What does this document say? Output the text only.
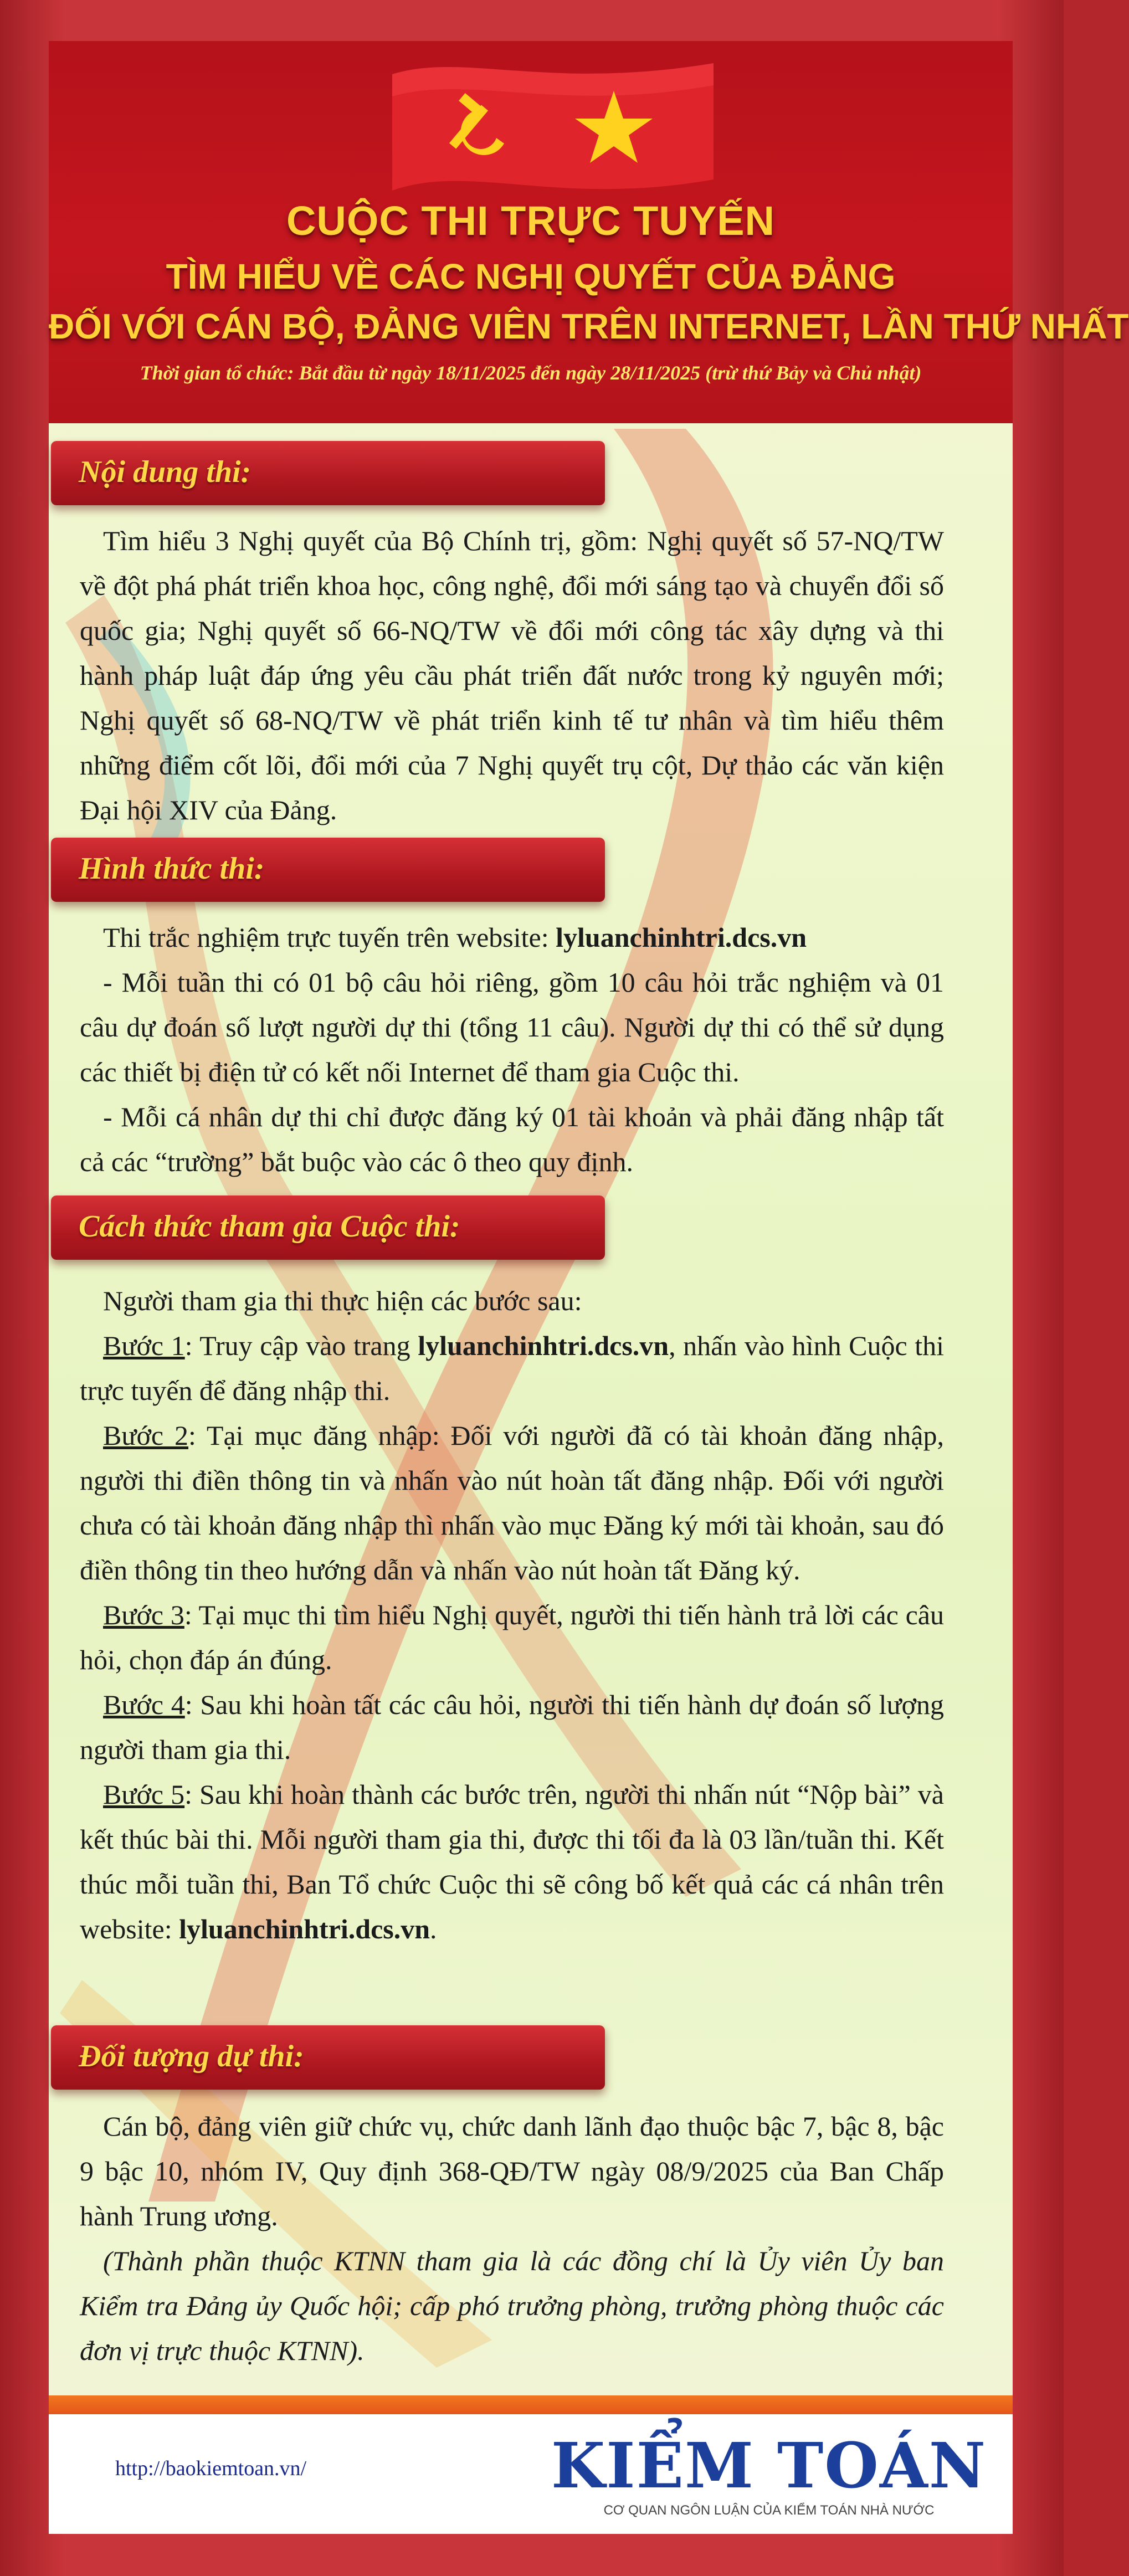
CUỘC THI TRỰC TUYẾN
TÌM HIỂU VỀ CÁC NGHỊ QUYẾT CỦA ĐẢNG
ĐỐI VỚI CÁN BỘ, ĐẢNG VIÊN TRÊN INTERNET, LẦN THỨ NHẤT

Thời gian tổ chức: Bắt đầu từ ngày 18/11/2025 đến ngày 28/11/2025 (trừ thứ Bảy và Chủ nhật)

Nội dung thi:

Tìm hiểu 3 Nghị quyết của Bộ Chính trị, gồm: Nghị quyết số 57-NQ/TW về đột phá phát triển khoa học, công nghệ, đổi mới sáng tạo và chuyển đổi số quốc gia; Nghị quyết số 66-NQ/TW về đổi mới công tác xây dựng và thi hành pháp luật đáp ứng yêu cầu phát triển đất nước trong kỷ nguyên mới; Nghị quyết số 68-NQ/TW về phát triển kinh tế tư nhân và tìm hiểu thêm những điểm cốt lõi, đổi mới của 7 Nghị quyết trụ cột, Dự thảo các văn kiện Đại hội XIV của Đảng.

Hình thức thi:

Thi trắc nghiệm trực tuyến trên website: lyluanchinhtri.dcs.vn

- Mỗi tuần thi có 01 bộ câu hỏi riêng, gồm 10 câu hỏi trắc nghiệm và 01 câu dự đoán số lượt người dự thi (tổng 11 câu). Người dự thi có thể sử dụng các thiết bị điện tử có kết nối Internet để tham gia Cuộc thi.

- Mỗi cá nhân dự thi chỉ được đăng ký 01 tài khoản và phải đăng nhập tất cả các “trường” bắt buộc vào các ô theo quy định.

Cách thức tham gia Cuộc thi:

Người tham gia thi thực hiện các bước sau:

Bước 1: Truy cập vào trang lyluanchinhtri.dcs.vn, nhấn vào hình Cuộc thi trực tuyến để đăng nhập thi.

Bước 2: Tại mục đăng nhập: Đối với người đã có tài khoản đăng nhập, người thi điền thông tin và nhấn vào nút hoàn tất đăng nhập. Đối với người chưa có tài khoản đăng nhập thì nhấn vào mục Đăng ký mới tài khoản, sau đó điền thông tin theo hướng dẫn và nhấn vào nút hoàn tất Đăng ký.

Bước 3: Tại mục thi tìm hiểu Nghị quyết, người thi tiến hành trả lời các câu hỏi, chọn đáp án đúng.

Bước 4: Sau khi hoàn tất các câu hỏi, người thi tiến hành dự đoán số lượng người tham gia thi.

Bước 5: Sau khi hoàn thành các bước trên, người thi nhấn nút “Nộp bài” và kết thúc bài thi. Mỗi người tham gia thi, được thi tối đa là 03 lần/tuần thi. Kết thúc mỗi tuần thi, Ban Tổ chức Cuộc thi sẽ công bố kết quả các cá nhân trên website: lyluanchinhtri.dcs.vn.

Đối tượng dự thi:

Cán bộ, đảng viên giữ chức vụ, chức danh lãnh đạo thuộc bậc 7, bậc 8, bậc 9 bậc 10, nhóm IV, Quy định 368-QĐ/TW ngày 08/9/2025 của Ban Chấp hành Trung ương.

(Thành phần thuộc KTNN tham gia là các đồng chí là Ủy viên Ủy ban Kiểm tra Đảng ủy Quốc hội; cấp phó trưởng phòng, trưởng phòng thuộc các đơn vị trực thuộc KTNN).

http://baokiemtoan.vn/	KIỂM TOÁN
CƠ QUAN NGÔN LUẬN CỦA KIỂM TOÁN NHÀ NƯỚC
